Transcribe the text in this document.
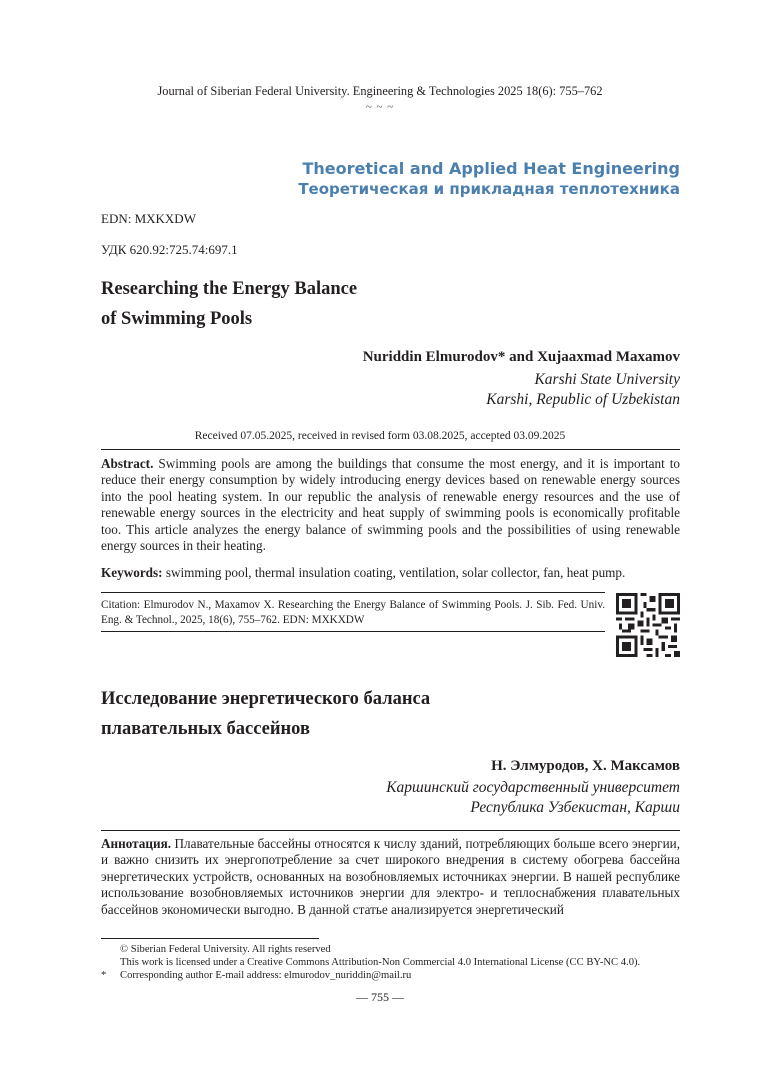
Journal of Siberian Federal University. Engineering & Technologies 2025 18(6): 755–762
~ ~ ~
Theoretical and Applied Heat Engineering
Теоретическая и прикладная теплотехника
EDN: MXKXDW
УДК 620.92:725.74:697.1
Researching the Energy Balance
of Swimming Pools
Nuriddin Elmurodov* and Xujaaxmad Maxamov
Karshi State University
Karshi, Republic of Uzbekistan
Received 07.05.2025, received in revised form 03.08.2025, accepted 03.09.2025
Abstract. Swimming pools are among the buildings that consume the most energy, and it is important to reduce their energy consumption by widely introducing energy devices based on renewable energy sources into the pool heating system. In our republic the analysis of renewable energy resources and the use of renewable energy sources in the electricity and heat supply of swimming pools is economically profitable too. This article analyzes the energy balance of swimming pools and the possibilities of using renewable energy sources in their heating.
Keywords: swimming pool, thermal insulation coating, ventilation, solar collector, fan, heat pump.
Citation: Elmurodov N., Maxamov X. Researching the Energy Balance of Swimming Pools. J. Sib. Fed. Univ. Eng. & Technol., 2025, 18(6), 755–762. EDN: MXKXDW
Исследование энергетического баланса
плавательных бассейнов
Н. Элмуродов, Х. Максамов
Каршинский государственный университет
Республика Узбекистан, Карши
Аннотация. Плавательные бассейны относятся к числу зданий, потребляющих больше всего энергии, и важно снизить их энергопотребление за счет широкого внедрения в систему обогрева бассейна энергетических устройств, основанных на возобновляемых источниках энергии. В нашей республике использование возобновляемых источников энергии для электро- и теплоснабжения плавательных бассейнов экономически выгодно. В данной статье анализируется энергетический
© Siberian Federal University. All rights reserved
This work is licensed under a Creative Commons Attribution-Non Commercial 4.0 International License (CC BY-NC 4.0).
* Corresponding author E-mail address: elmurodov_nuriddin@mail.ru
— 755 —
